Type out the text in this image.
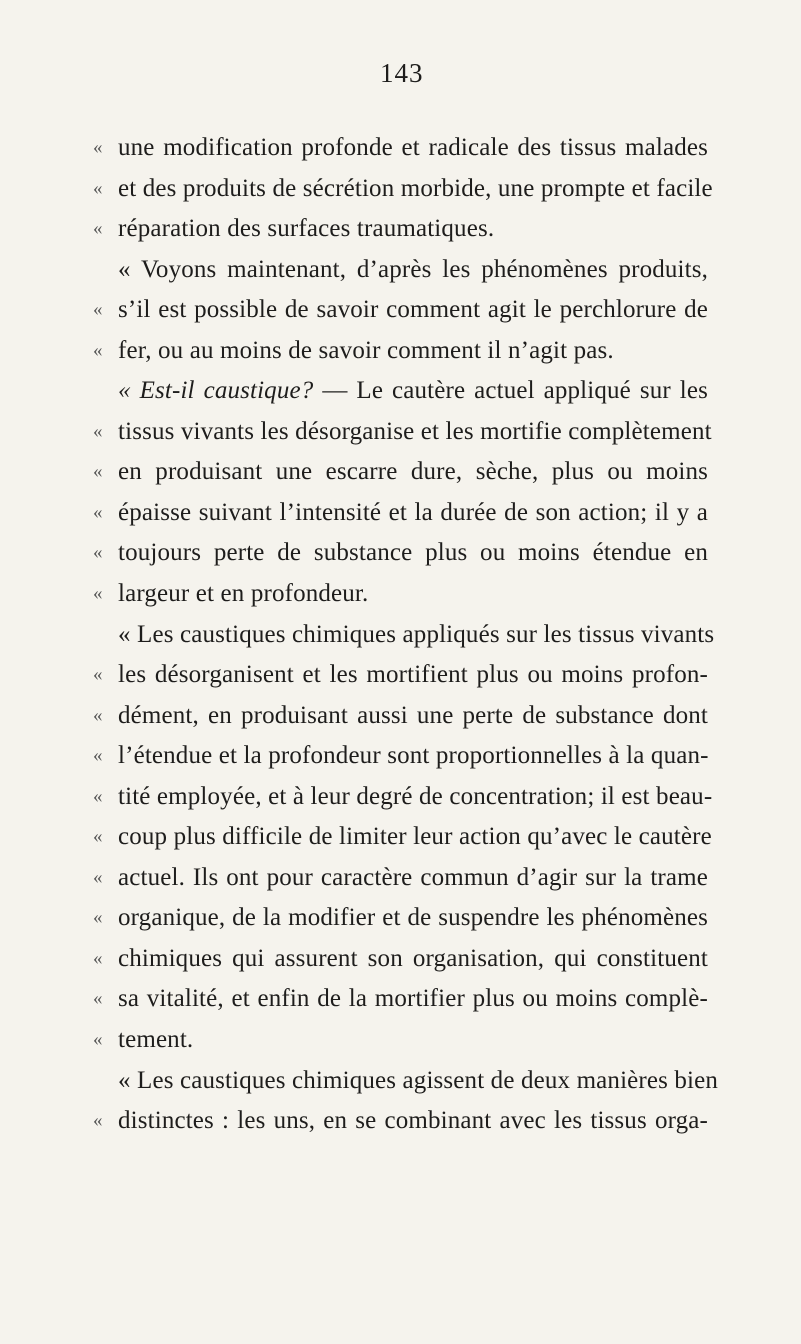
143
« une modification profonde et radicale des tissus malades
« et des produits de sécrétion morbide, une prompte et facile
« réparation des surfaces traumatiques.
« Voyons maintenant, d’après les phénomènes produits,
« s’il est possible de savoir comment agit le perchlorure de
« fer, ou au moins de savoir comment il n’agit pas.
« Est-il caustique? — Le cautère actuel appliqué sur les
« tissus vivants les désorganise et les mortifie complètement
« en produisant une escarre dure, sèche, plus ou moins
« épaisse suivant l’intensité et la durée de son action; il y a
« toujours perte de substance plus ou moins étendue en
« largeur et en profondeur.
« Les caustiques chimiques appliqués sur les tissus vivants
« les désorganisent et les mortifient plus ou moins profon-
« dément, en produisant aussi une perte de substance dont
« l’étendue et la profondeur sont proportionnelles à la quan-
« tité employée, et à leur degré de concentration; il est beau-
« coup plus difficile de limiter leur action qu’avec le cautère
« actuel. Ils ont pour caractère commun d’agir sur la trame
« organique, de la modifier et de suspendre les phénomènes
« chimiques qui assurent son organisation, qui constituent
« sa vitalité, et enfin de la mortifier plus ou moins complè-
« tement.
« Les caustiques chimiques agissent de deux manières bien
« distinctes : les uns, en se combinant avec les tissus orga-
